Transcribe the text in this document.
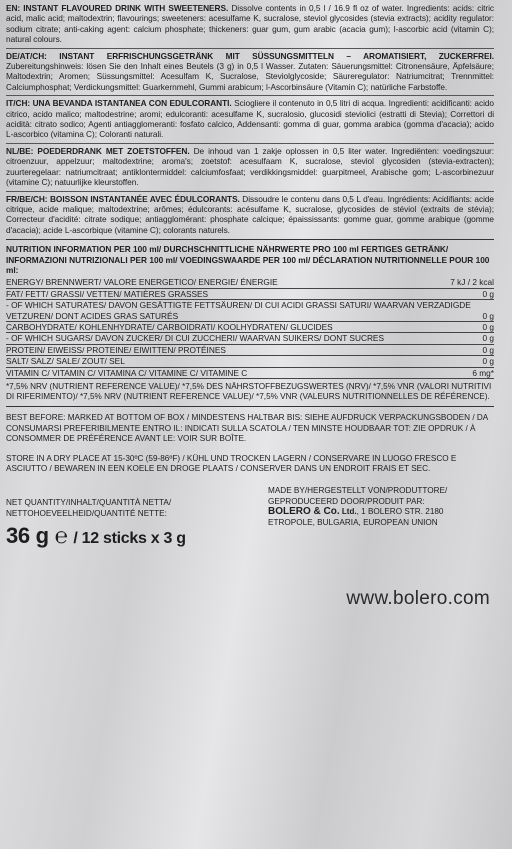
EN: INSTANT FLAVOURED DRINK WITH SWEETENERS. Dissolve contents in 0,5 l / 16.9 fl oz of water. Ingredients: acids: citric acid, malic acid; maltodextrin; flavourings; sweeteners: acesulfame K, sucralose, steviol glycosides (stevia extracts); acidity regulator: sodium citrate; anti-caking agent: calcium phosphate; thickeners: guar gum, gum arabic (acacia gum); l-ascorbic acid (vitamin C); natural colours.
DE/AT/CH: INSTANT ERFRISCHUNGSGETRÄNK MIT SÜSSUNGSMITTELN – AROMATISIERT, ZUCKERFREI. Zubereitungshinweis: lösen Sie den Inhalt eines Beutels (3 g) in 0,5 l Wasser. Zutaten: Säuerungsmittel: Citronensäure, Äpfelsäure; Maltodextrin; Aromen; Süssungsmittel: Acesulfam K, Sucralose, Steviolglycoside; Säureregulator: Natriumcitrat; Trennmittel: Calciumphosphat; Verdickungsmittel: Guarkernmehl, Gummi arabicum; l-Ascorbinsäure (Vitamin C); natürliche Farbstoffe.
IT/CH: UNA BEVANDA ISTANTANEA CON EDULCORANTI. Sciogliere il contenuto in 0,5 litri di acqua. Ingredienti: acidificanti: acido citrico, acido malico; maltodestrine; aromi; edulcoranti: acesulfame K, sucralosio, glucosidi steviolici (estratti di Stevia); Correttori di acidità: citrato sodico; Agenti antiagglomeranti: fosfato calcico, Addensanti: gomma di guar, gomma arabica (gomma d'acacia); acido L-ascorbico (vitamina C); Coloranti naturali.
NL/BE: POEDERDRANK MET ZOETSTOFFEN. De inhoud van 1 zakje oplossen in 0,5 liter water. Ingrediënten: voedingszuur: citroenzuur, appelzuur; maltodextrine; aroma's; zoetstof: acesulfaam K, sucralose, steviol glycosiden (stevia-extracten); zuurteregelaar: natriumcitraat; antiklontermiddel: calciumfosfaat; verdikkingsmiddel: guarpitmeel, Arabische gom; L-ascorbinezuur (vitamine C); natuurlijke kleurstoffen.
FR/BE/CH: BOISSON INSTANTANÉE AVEC ÉDULCORANTS. Dissoudre le contenu dans 0,5 L d'eau. Ingrédients: Acidifiants: acide citrique, acide malique; maltodextrine; arômes; édulcorants: acésulfame K, sucralose, glycosides de stéviol (extraits de stévia); Correcteur d'acidité: citrate sodique; antiagglomérant: phosphate calcique; épaississants: gomme guar, gomme arabique (gomme d'acacia); acide L-ascorbique (vitamine C); colorants naturels.
NUTRITION INFORMATION PER 100 ml/ DURCHSCHNITTLICHE NÄHRWERTE PRO 100 ml FERTIGES GETRÄNK/ INFORMAZIONI NUTRIZIONALI PER 100 ml/ VOEDINGSWAARDE PER 100 ml/ DÉCLARATION NUTRITIONNELLE POUR 100 ml:
ENERGY/ BRENNWERT/ VALORE ENERGETICO/ ENERGIE/ ÉNERGIE	7 kJ / 2 kcal
FAT/ FETT/ GRASSI/ VETTEN/ MATIÈRES GRASSES	0 g
- OF WHICH SATURATES/ DAVON GESÄTTIGTE FETTSÄUREN/ DI CUI ACIDI GRASSI SATURI/ WAARVAN VERZADIGDE VETZUREN/ DONT ACIDES GRAS SATURÉS	0 g
CARBOHYDRATE/ KOHLENHYDRATE/ CARBOIDRATI/ KOOLHYDRATEN/ GLUCIDES	0 g
- OF WHICH SUGARS/ DAVON ZUCKER/ DI CUI ZUCCHERI/ WAARVAN SUIKERS/ DONT SUCRES	0 g
PROTEIN/ EIWEISS/ PROTEINE/ EIWITTEN/ PROTÉINES	0 g
SALT/ SALZ/ SALE/ ZOUT/ SEL	0 g
VITAMIN C/ VITAMIN C/ VITAMINA C/ VITAMINE C/ VITAMINE C	6 mg*
*7,5% NRV (NUTRIENT REFERENCE VALUE)/ *7,5% DES NÄHRSTOFFBEZUGSWERTES (NRV)/ *7,5% VNR (VALORI NUTRITIVI DI RIFERIMENTO)/ *7,5% NRV (NUTRIENT REFERENCE VALUE)/ *7,5% VNR (VALEURS NUTRITIONNELLES DE RÉFÉRENCE).
BEST BEFORE: MARKED AT BOTTOM OF BOX / MINDESTENS HALTBAR BIS: SIEHE AUFDRUCK VERPACKUNGSBODEN / DA CONSUMARSI PREFERIBILMENTE ENTRO IL: INDICATI SULLA SCATOLA / TEN MINSTE HOUDBAAR TOT: ZIE OPDRUK / À CONSOMMER DE PRÉFÉRENCE AVANT LE: VOIR SUR BOÎTE.
STORE IN A DRY PLACE AT 15-30ºC (59-86ºF) / KÜHL UND TROCKEN LAGERN / CONSERVARE IN LUOGO FRESCO E ASCIUTTO / BEWAREN IN EEN KOELE EN DROGE PLAATS / CONSERVER DANS UN ENDROIT FRAIS ET SEC.
MADE BY/HERGESTELLT VON/PRODUTTORE/ GEPRODUCEERD DOOR/PRODUIT PAR:
BOLERO & Co. Ltd., 1 BOLERO STR. 2180 ETROPOLE, BULGARIA, EUROPEAN UNION
NET QUANTITY/INHALT/QUANTITÀ NETTA/ NETTOHOEVEELHEID/QUANTITÉ NETTE:
36 g ℮ / 12 sticks x 3 g
www.bolero.com
